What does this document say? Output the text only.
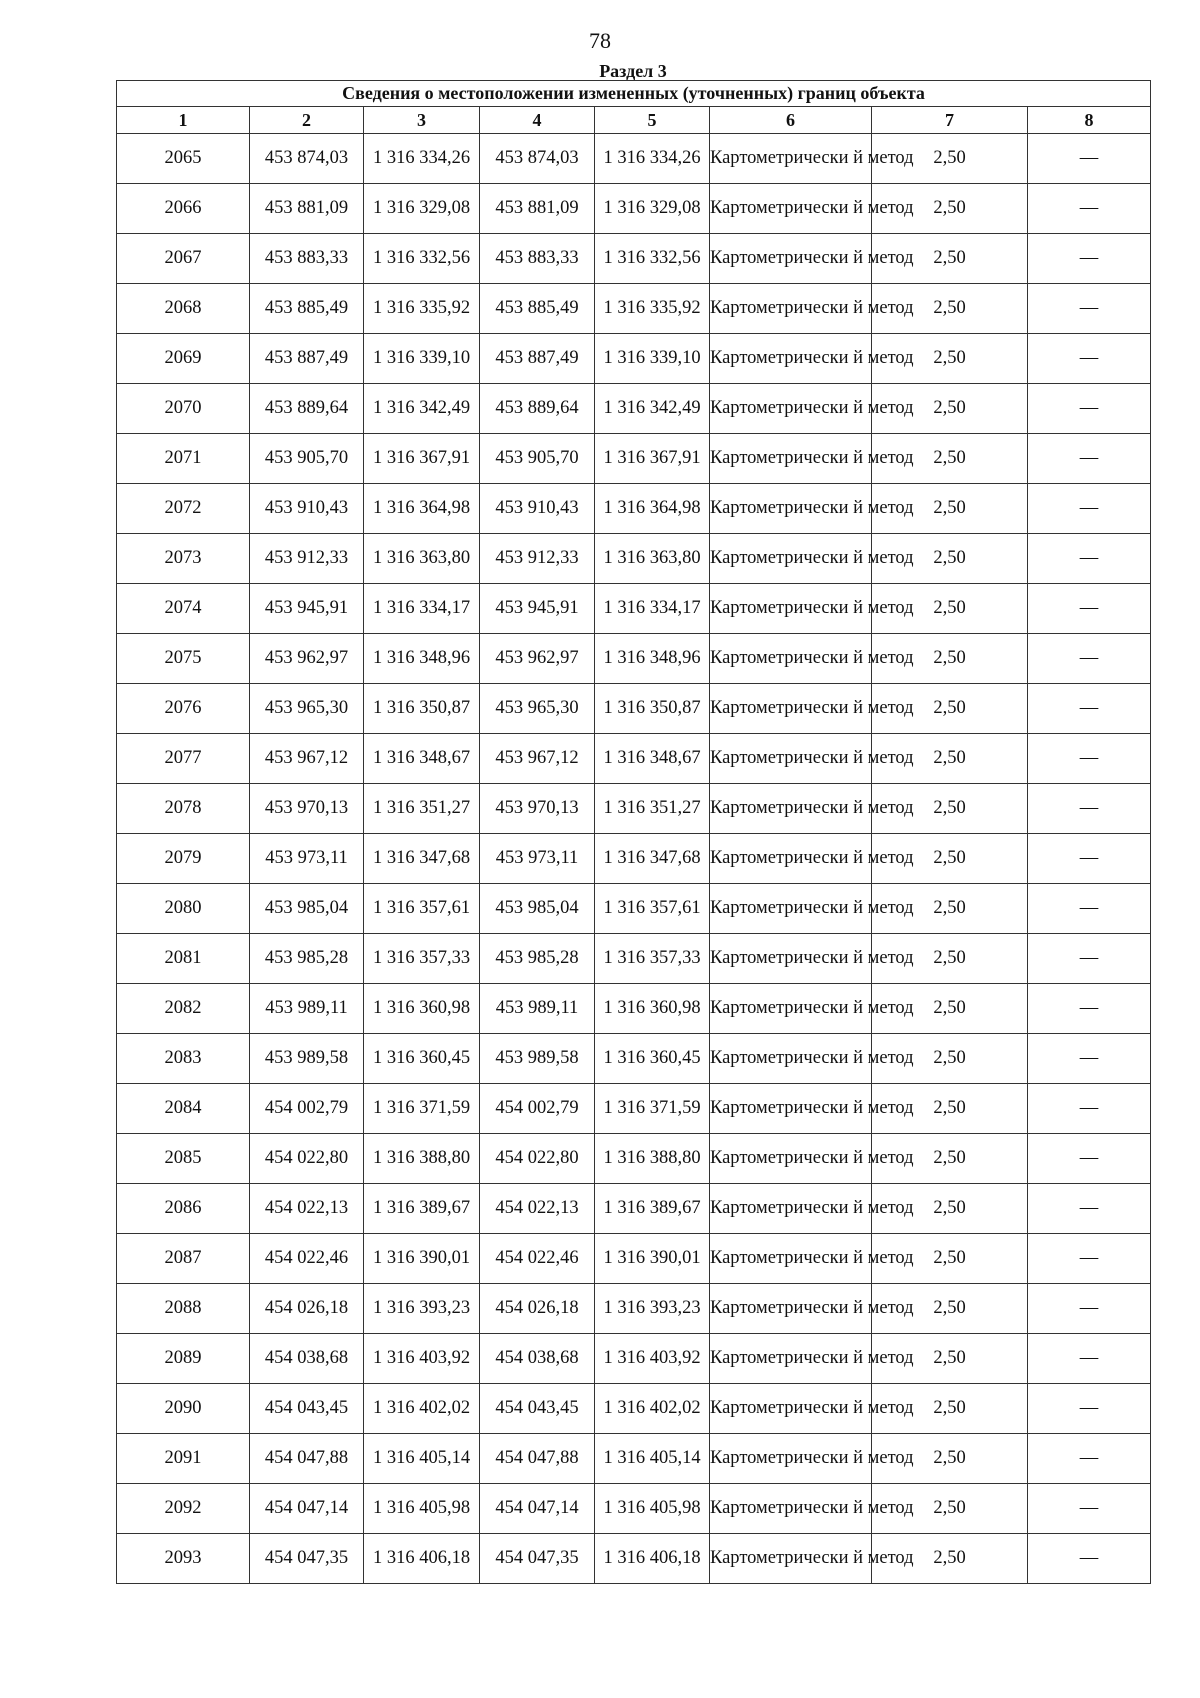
78
Раздел 3
Сведения о местоположении измененных (уточненных) границ объекта							
1	2	3	4	5	6	7	8
2065	453 874,03	1 316 334,26	453 874,03	1 316 334,26	Картометрически й метод	2,50	—
2066	453 881,09	1 316 329,08	453 881,09	1 316 329,08	Картометрически й метод	2,50	—
2067	453 883,33	1 316 332,56	453 883,33	1 316 332,56	Картометрически й метод	2,50	—
2068	453 885,49	1 316 335,92	453 885,49	1 316 335,92	Картометрически й метод	2,50	—
2069	453 887,49	1 316 339,10	453 887,49	1 316 339,10	Картометрически й метод	2,50	—
2070	453 889,64	1 316 342,49	453 889,64	1 316 342,49	Картометрически й метод	2,50	—
2071	453 905,70	1 316 367,91	453 905,70	1 316 367,91	Картометрически й метод	2,50	—
2072	453 910,43	1 316 364,98	453 910,43	1 316 364,98	Картометрически й метод	2,50	—
2073	453 912,33	1 316 363,80	453 912,33	1 316 363,80	Картометрически й метод	2,50	—
2074	453 945,91	1 316 334,17	453 945,91	1 316 334,17	Картометрически й метод	2,50	—
2075	453 962,97	1 316 348,96	453 962,97	1 316 348,96	Картометрически й метод	2,50	—
2076	453 965,30	1 316 350,87	453 965,30	1 316 350,87	Картометрически й метод	2,50	—
2077	453 967,12	1 316 348,67	453 967,12	1 316 348,67	Картометрически й метод	2,50	—
2078	453 970,13	1 316 351,27	453 970,13	1 316 351,27	Картометрически й метод	2,50	—
2079	453 973,11	1 316 347,68	453 973,11	1 316 347,68	Картометрически й метод	2,50	—
2080	453 985,04	1 316 357,61	453 985,04	1 316 357,61	Картометрически й метод	2,50	—
2081	453 985,28	1 316 357,33	453 985,28	1 316 357,33	Картометрически й метод	2,50	—
2082	453 989,11	1 316 360,98	453 989,11	1 316 360,98	Картометрически й метод	2,50	—
2083	453 989,58	1 316 360,45	453 989,58	1 316 360,45	Картометрически й метод	2,50	—
2084	454 002,79	1 316 371,59	454 002,79	1 316 371,59	Картометрически й метод	2,50	—
2085	454 022,80	1 316 388,80	454 022,80	1 316 388,80	Картометрически й метод	2,50	—
2086	454 022,13	1 316 389,67	454 022,13	1 316 389,67	Картометрически й метод	2,50	—
2087	454 022,46	1 316 390,01	454 022,46	1 316 390,01	Картометрически й метод	2,50	—
2088	454 026,18	1 316 393,23	454 026,18	1 316 393,23	Картометрически й метод	2,50	—
2089	454 038,68	1 316 403,92	454 038,68	1 316 403,92	Картометрически й метод	2,50	—
2090	454 043,45	1 316 402,02	454 043,45	1 316 402,02	Картометрически й метод	2,50	—
2091	454 047,88	1 316 405,14	454 047,88	1 316 405,14	Картометрически й метод	2,50	—
2092	454 047,14	1 316 405,98	454 047,14	1 316 405,98	Картометрически й метод	2,50	—
2093	454 047,35	1 316 406,18	454 047,35	1 316 406,18	Картометрически й метод	2,50	—
